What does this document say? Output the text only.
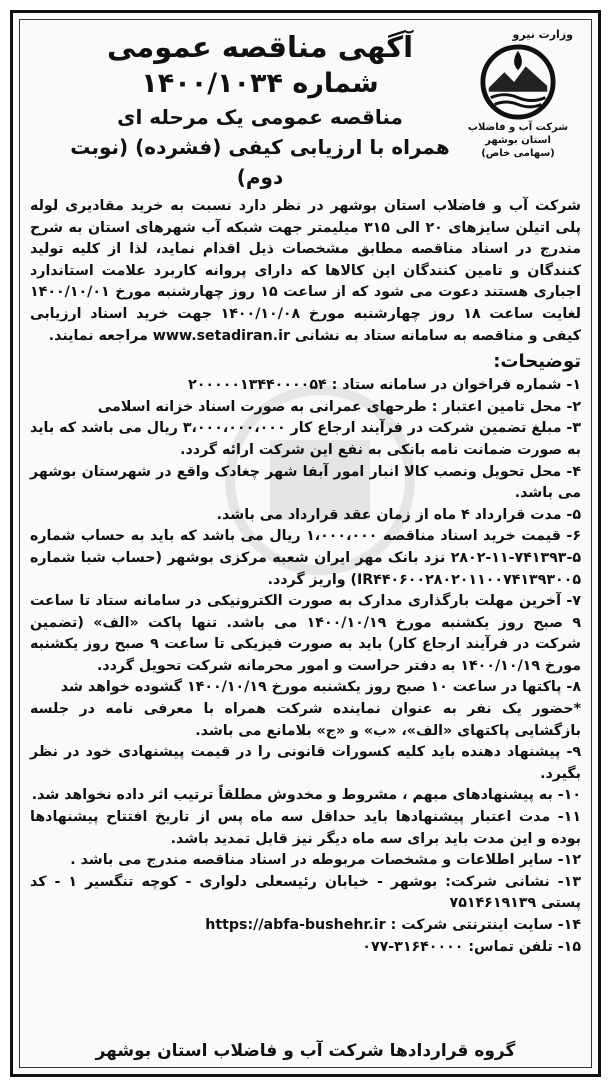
آگهی مناقصه عمومی
شماره ۱۴۰۰/۱۰۳۴
مناقصه عمومی یک مرحله ای
همراه با ارزیابی کیفی (فشرده) (نوبت دوم)
وزارت نیرو
شرکت آب و فاضلاب استان بوشهر
(سهامی خاص)

شرکت آب و فاضلاب استان بوشهر در نظر دارد نسبت به خرید مقادیری لوله پلی اتیلن سایزهای ۲۰ الی ۳۱۵ میلیمتر جهت شبکه آب شهرهای استان به شرح مندرج در اسناد مناقصه مطابق مشخصات ذیل اقدام نماید، لذا از کلیه تولید کنندگان و تامین کنندگان این کالاها که دارای پروانه کاربرد علامت استاندارد اجباری هستند دعوت می شود که از ساعت ۱۵ روز چهارشنبه مورخ ۱۴۰۰/۱۰/۰۱ لغایت ساعت ۱۸ روز چهارشنبه مورخ ۱۴۰۰/۱۰/۰۸ جهت خرید اسناد ارزیابی کیفی و مناقصه به سامانه ستاد به نشانی www.setadiran.ir مراجعه نمایند.

توضیحات:

۱- شماره فراخوان در سامانه ستاد : ۲۰۰۰۰۰۱۳۴۴۰۰۰۰۵۴

۲- محل تامین اعتبار : طرحهای عمرانی به صورت اسناد خزانه اسلامی

۳- مبلغ تضمین شرکت در فرآیند ارجاع کار ۳،۰۰۰،۰۰۰،۰۰۰ ریال می باشد که باید به صورت ضمانت نامه بانکی به نفع این شرکت ارائه گردد.

۴- محل تحویل ونصب کالا انبار امور آبفا شهر چغادک واقع در شهرستان بوشهر می باشد.

۵- مدت قرارداد ۴ ماه از زمان عقد قرارداد می باشد.

۶- قیمت خرید اسناد مناقصه ۱،۰۰۰،۰۰۰ ریال می باشد که باید به حساب شماره ۵-۷۴۱۳۹۳-۱۱-۲۸۰۲ نزد بانک مهر ایران شعبه مرکزی بوشهر (حساب شبا شماره IR۴۴۰۶۰۰۲۸۰۲۰۱۱۰۰۷۴۱۳۹۳۰۰۵) واریز گردد.

۷- آخرین مهلت بارگذاری مدارک به صورت الکترونیکی در سامانه ستاد تا ساعت ۹ صبح روز یکشنبه مورخ ۱۴۰۰/۱۰/۱۹ می باشد. تنها پاکت «الف» (تضمین شرکت در فرآیند ارجاع کار) باید به صورت فیزیکی تا ساعت ۹ صبح روز یکشنبه مورخ ۱۴۰۰/۱۰/۱۹ به دفتر حراست و امور محرمانه شرکت تحویل گردد.

۸- پاکتها در ساعت ۱۰ صبح روز یکشنبه مورخ ۱۴۰۰/۱۰/۱۹ گشوده خواهد شد

*حضور یک نفر به عنوان نماینده شرکت همراه با معرفی نامه در جلسه بازگشایی پاکتهای «الف»، «ب» و «ج» بلامانع می باشد.

۹- پیشنهاد دهنده باید کلیه کسورات قانونی را در قیمت پیشنهادی خود در نظر بگیرد.

۱۰- به پیشنهادهای مبهم ، مشروط و مخدوش مطلقاً ترتیب اثر داده نخواهد شد.

۱۱- مدت اعتبار پیشنهادها باید حداقل سه ماه پس از تاریخ افتتاح پیشنهادها بوده و این مدت باید برای سه ماه دیگر نیز قابل تمدید باشد.

۱۲- سایر اطلاعات و مشخصات مربوطه در اسناد مناقصه مندرج می باشد .

۱۳- نشانی شرکت: بوشهر - خیابان رئیسعلی دلواری - کوچه تنگسیر ۱ - کد پستی ۷۵۱۴۶۱۹۱۳۹

۱۴- سایت اینترنتی شرکت : https://abfa-bushehr.ir

۱۵- تلفن تماس: ۳۱۶۴۰۰۰۰-۰۷۷

گروه قراردادها شرکت آب و فاضلاب استان بوشهر
